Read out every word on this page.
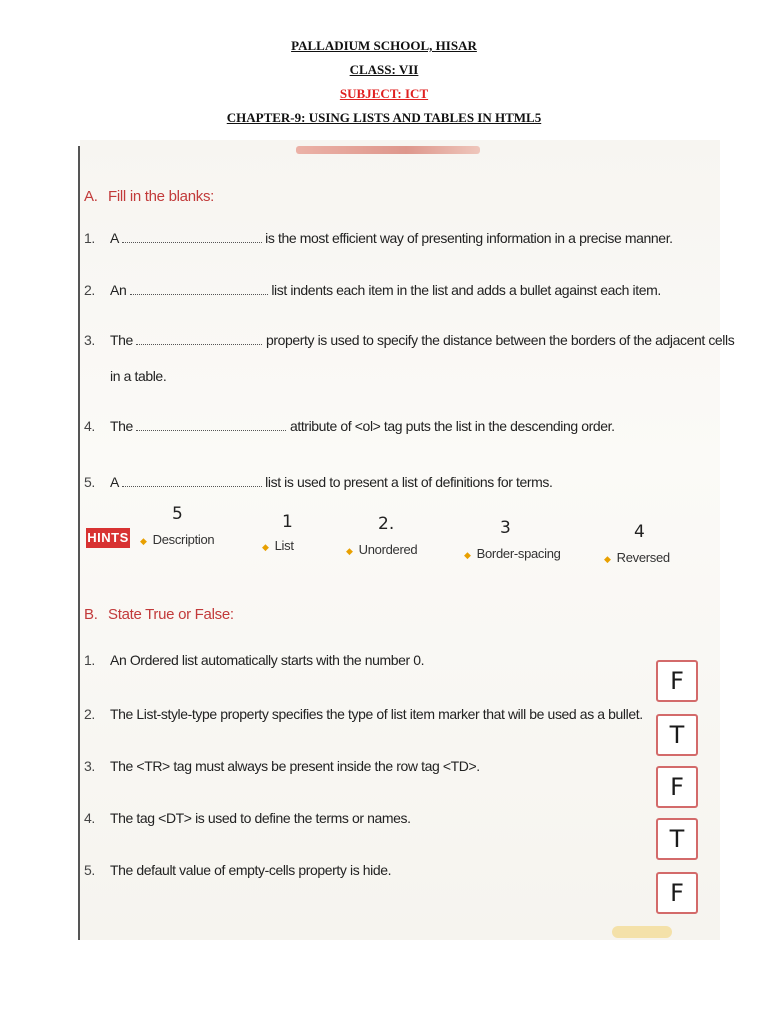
PALLADIUM SCHOOL, HISAR
CLASS: VII
SUBJECT: ICT
CHAPTER-9: USING LISTS AND TABLES IN HTML5
A. Fill in the blanks:
1. A	is the most efficient way of presenting information in a precise manner.
2. An	list indents each item in the list and adds a bullet against each item.
3. The	property is used to specify the distance between the borders of the adjacent cells
in a table.
4. The	attribute of <ol> tag puts the list in the descending order.
5. A	list is used to present a list of definitions for terms.
HINTS
5
◆ Description
1
◆ List
2.
◆ Unordered
3
◆ Border-spacing
4
◆ Reversed
B. State True or False:
1. An Ordered list automatically starts with the number 0.
2. The List-style-type property specifies the type of list item marker that will be used as a bullet.
3. The <TR> tag must always be present inside the row tag <TD>.
4. The tag <DT> is used to define the terms or names.
5. The default value of empty-cells property is hide.
F
T
F
T
F
